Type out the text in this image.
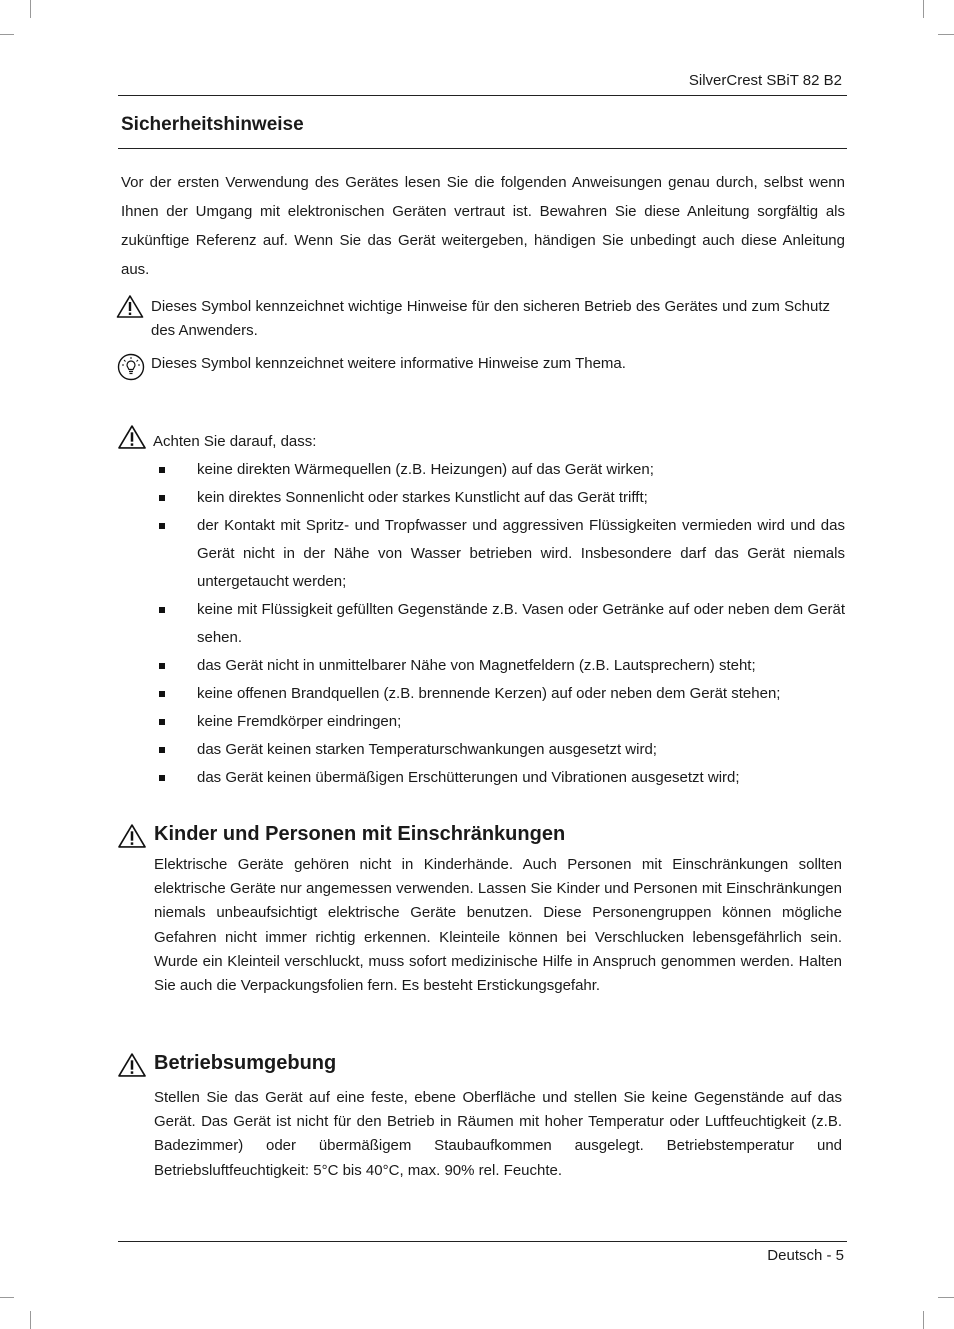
SilverCrest SBiT 82 B2
Sicherheitshinweise

Vor der ersten Verwendung des Gerätes lesen Sie die folgenden Anweisungen genau durch, selbst wenn Ihnen der Umgang mit elektronischen Geräten vertraut ist. Bewahren Sie diese Anleitung sorgfältig als zukünftige Referenz auf. Wenn Sie das Gerät weitergeben, händigen Sie unbedingt auch diese Anleitung aus.

Dieses Symbol kennzeichnet wichtige Hinweise für den sicheren Betrieb des Gerätes und zum Schutz des Anwenders.
Dieses Symbol kennzeichnet weitere informative Hinweise zum Thema.
Achten Sie darauf, dass:
keine direkten Wärmequellen (z.B. Heizungen) auf das Gerät wirken;
kein direktes Sonnenlicht oder starkes Kunstlicht auf das Gerät trifft;
der Kontakt mit Spritz- und Tropfwasser und aggressiven Flüssigkeiten vermieden wird und das Gerät nicht in der Nähe von Wasser betrieben wird. Insbesondere darf das Gerät niemals untergetaucht werden;
keine mit Flüssigkeit gefüllten Gegenstände z.B. Vasen oder Getränke auf oder neben dem Gerät sehen.
das Gerät nicht in unmittelbarer Nähe von Magnetfeldern (z.B. Lautsprechern) steht;
keine offenen Brandquellen (z.B. brennende Kerzen) auf oder neben dem Gerät stehen;
keine Fremdkörper eindringen;
das Gerät keinen starken Temperaturschwankungen ausgesetzt wird;
das Gerät keinen übermäßigen Erschütterungen und Vibrationen ausgesetzt wird;
Kinder und Personen mit Einschränkungen

Elektrische Geräte gehören nicht in Kinderhände. Auch Personen mit Einschränkungen sollten elektrische Geräte nur angemessen verwenden. Lassen Sie Kinder und Personen mit Einschränkungen niemals unbeaufsichtigt elektrische Geräte benutzen. Diese Personengruppen können mögliche Gefahren nicht immer richtig erkennen. Kleinteile können bei Verschlucken lebensgefährlich sein. Wurde ein Kleinteil verschluckt, muss sofort medizinische Hilfe in Anspruch genommen werden. Halten Sie auch die Verpackungsfolien fern. Es besteht Erstickungsgefahr.

Betriebsumgebung

Stellen Sie das Gerät auf eine feste, ebene Oberfläche und stellen Sie keine Gegenstände auf das Gerät. Das Gerät ist nicht für den Betrieb in Räumen mit hoher Temperatur oder Luftfeuchtigkeit (z.B. Badezimmer) oder übermäßigem Staubaufkommen ausgelegt. Betriebstemperatur und Betriebsluftfeuchtigkeit: 5°C bis 40°C, max. 90% rel. Feuchte.

Deutsch - 5
